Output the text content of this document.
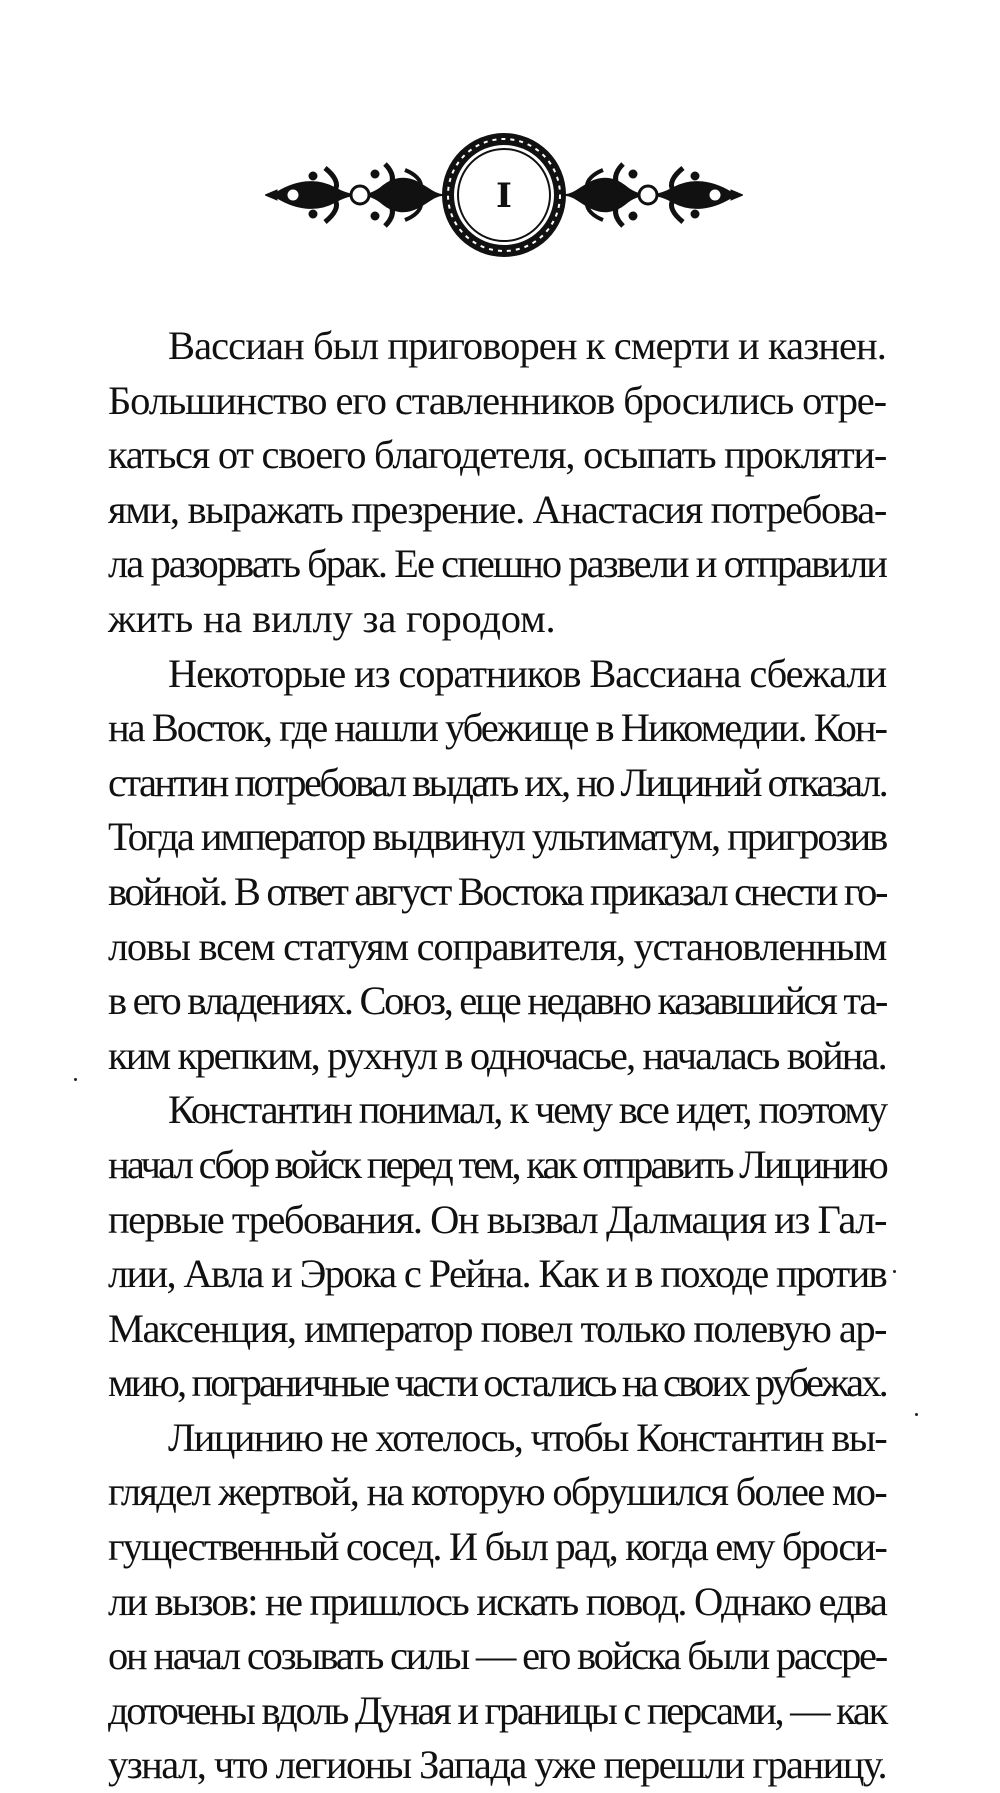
I
Вассиан был приговорен к смерти и казнен.
Большинство его ставленников бросились отре-
каться от своего благодетеля, осыпать прокляти-
ями, выражать презрение. Анастасия потребова-
ла разорвать брак. Ее спешно развели и отправили
жить на виллу за городом.
Некоторые из соратников Вассиана сбежали
на Восток, где нашли убежище в Никомедии. Кон-
стантин потребовал выдать их, но Лициний отказал.
Тогда император выдвинул ультиматум, пригрозив
войной. В ответ август Востока приказал снести го-
ловы всем статуям соправителя, установленным
в его владениях. Союз, еще недавно казавшийся та-
ким крепким, рухнул в одночасье, началась война.
Константин понимал, к чему все идет, поэтому
начал сбор войск перед тем, как отправить Лицинию
первые требования. Он вызвал Далмация из Гал-
лии, Авла и Эрока с Рейна. Как и в походе против
Максенция, император повел только полевую ар-
мию, пограничные части остались на своих рубежах.
Лицинию не хотелось, чтобы Константин вы-
глядел жертвой, на которую обрушился более мо-
гущественный сосед. И был рад, когда ему броси-
ли вызов: не пришлось искать повод. Однако едва
он начал созывать силы — его войска были рассре-
доточены вдоль Дуная и границы с персами, — как
узнал, что легионы Запада уже перешли границу.
